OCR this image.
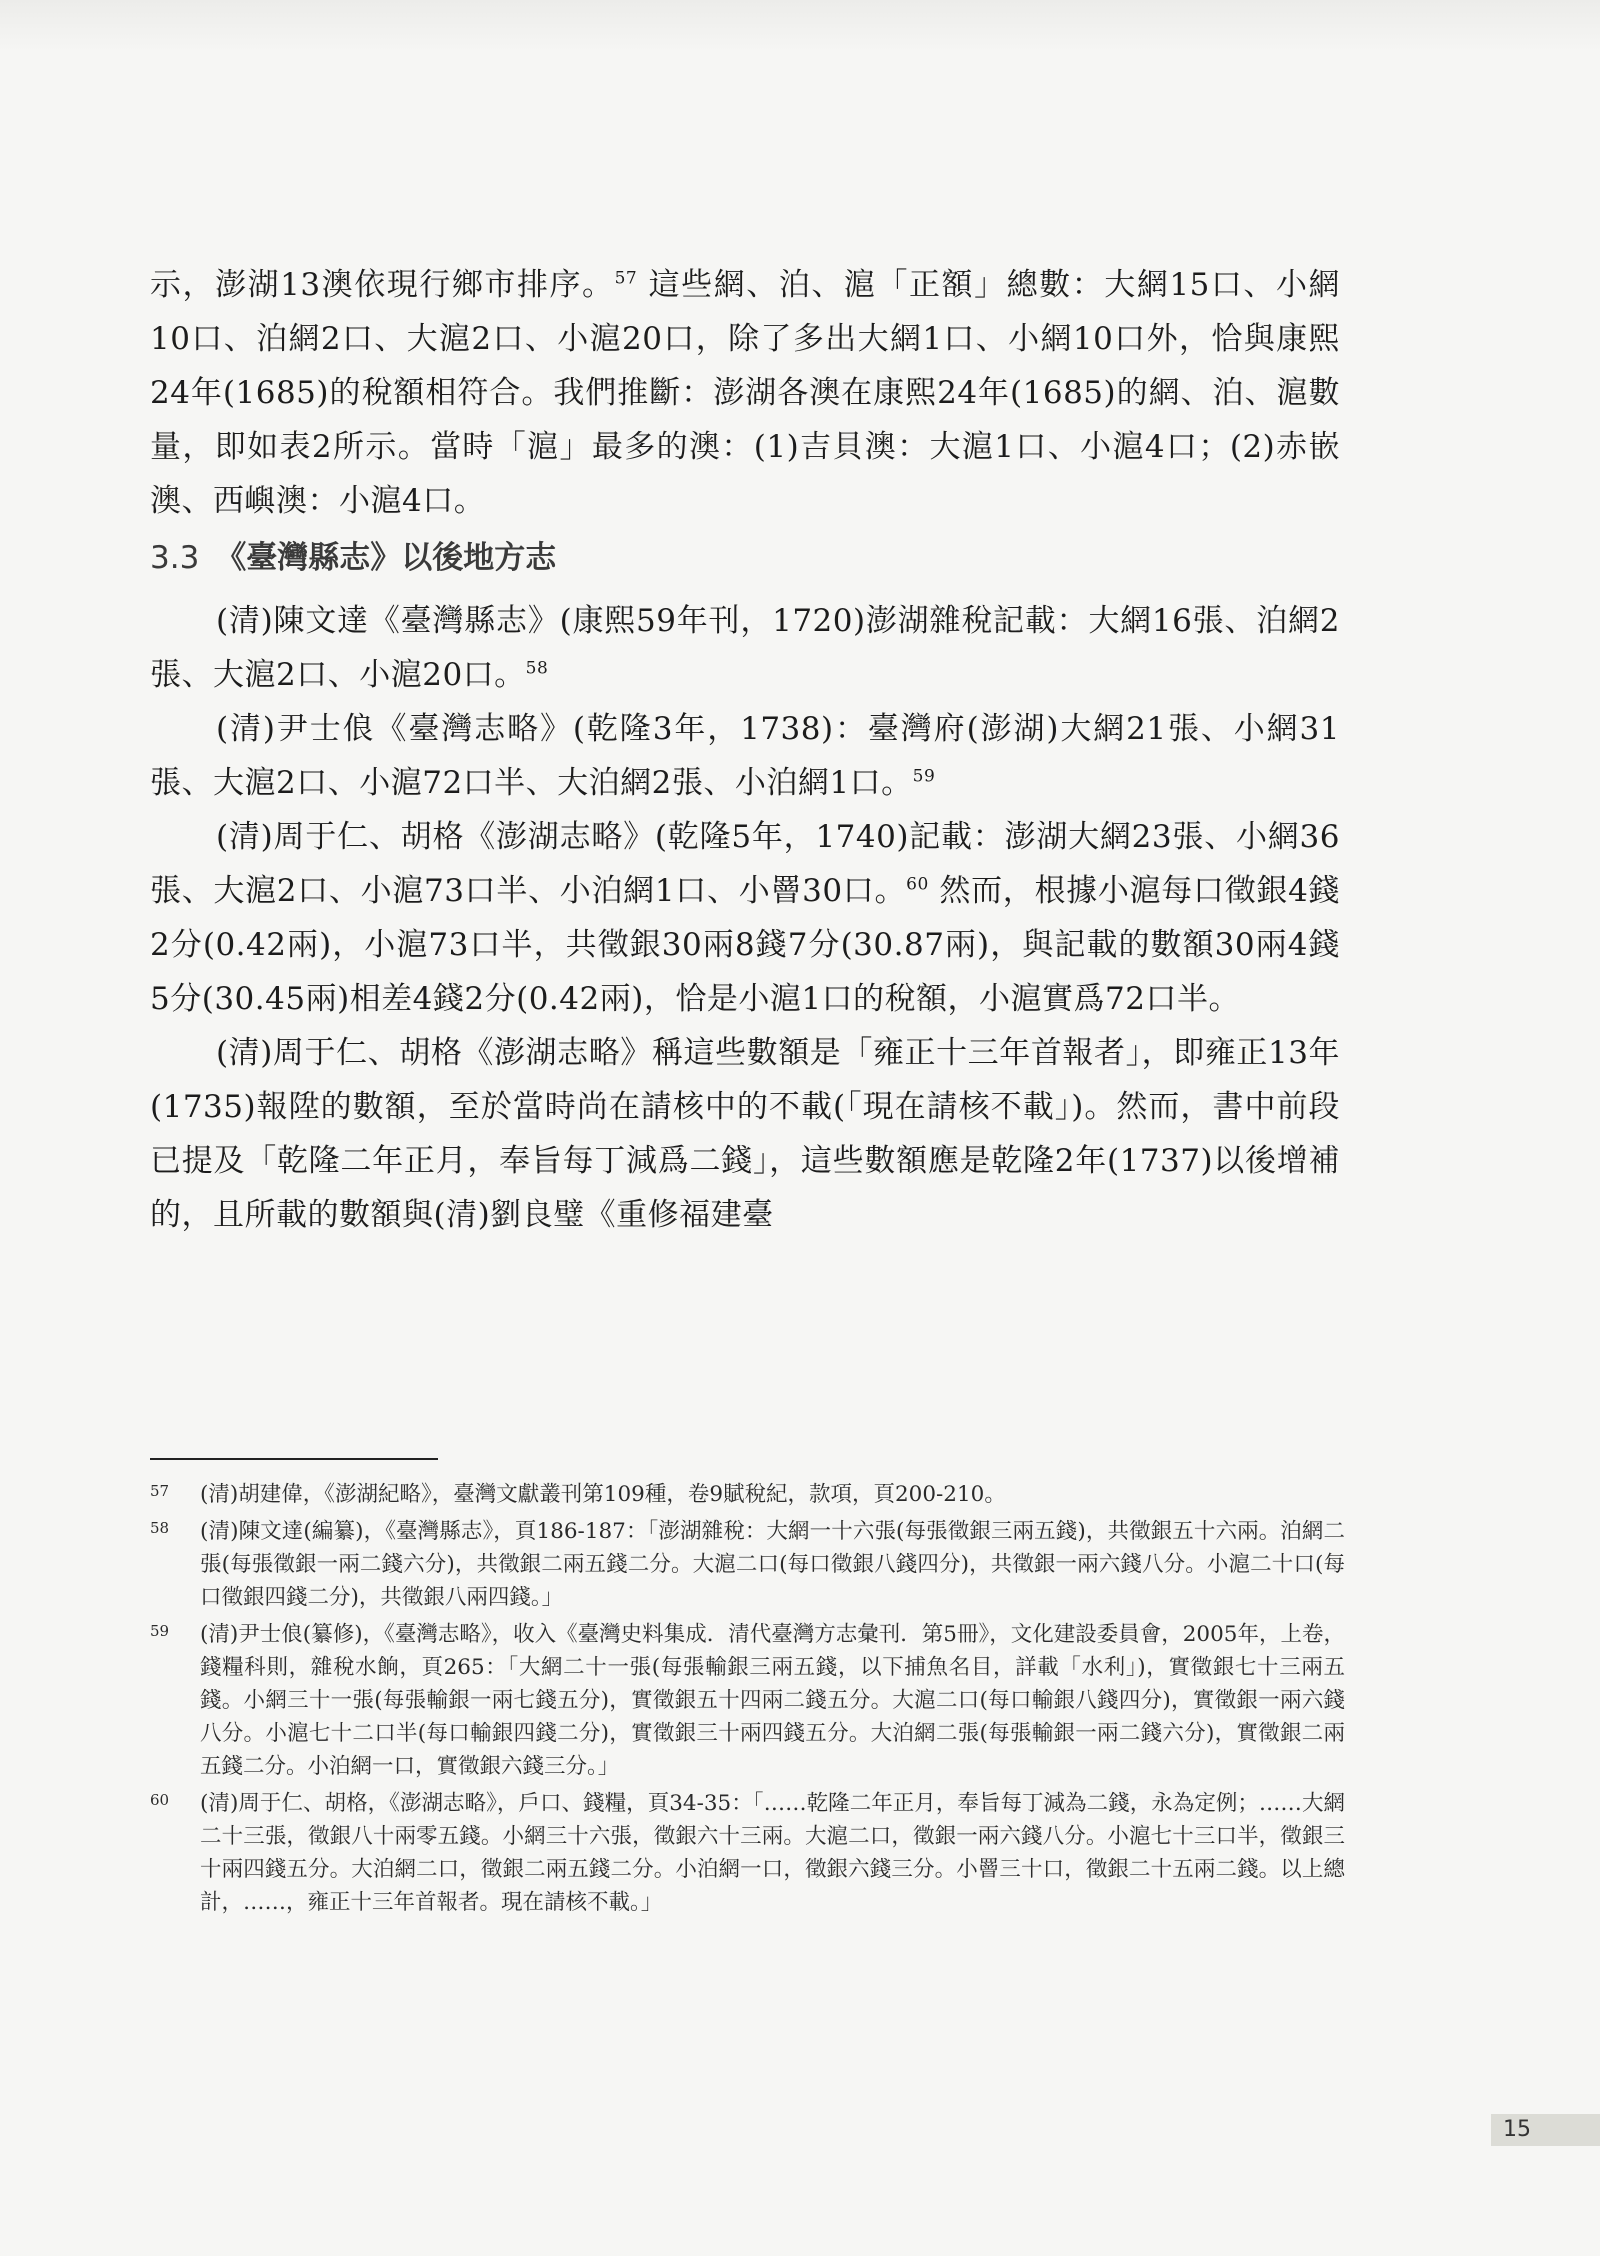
示，澎湖13澳依現行鄉市排序。$^{57}$ 這些網、泊、滬「正額」總數：大網15口、小網10口、泊網2口、大滬2口、小滬20口，除了多出大網1口、小網10口外，恰與康熙24年(1685)的稅額相符合。我們推斷：澎湖各澳在康熙24年(1685)的網、泊、滬數量，即如表2所示。當時「滬」最多的澳：(1)吉貝澳：大滬1口、小滬4口；(2)赤嵌澳、西嶼澳：小滬4口。

3.3 《臺灣縣志》以後地方志

(清)陳文達《臺灣縣志》(康熙59年刊，1720)澎湖雜稅記載：大網16張、泊網2張、大滬2口、小滬20口。$^{58}$

(清)尹士俍《臺灣志略》(乾隆3年，1738)：臺灣府(澎湖)大網21張、小網31張、大滬2口、小滬72口半、大泊網2張、小泊網1口。$^{59}$

(清)周于仁、胡格《澎湖志略》(乾隆5年，1740)記載：澎湖大網23張、小網36張、大滬2口、小滬73口半、小泊網1口、小罾30口。$^{60}$ 然而，根據小滬每口徵銀4錢2分(0.42兩)，小滬73口半，共徵銀30兩8錢7分(30.87兩)，與記載的數額30兩4錢5分(30.45兩)相差4錢2分(0.42兩)，恰是小滬1口的稅額，小滬實爲72口半。

(清)周于仁、胡格《澎湖志略》稱這些數額是「雍正十三年首報者」，即雍正13年(1735)報陞的數額，至於當時尚在請核中的不載(「現在請核不載」)。然而，書中前段已提及「乾隆二年正月，奉旨每丁減爲二錢」，這些數額應是乾隆2年(1737)以後增補的，且所載的數額與(清)劉良璧《重修福建臺

57	(清)胡建偉，《澎湖紀略》，臺灣文獻叢刊第109種，卷9賦稅紀，款項，頁200-210。
58	(清)陳文達(編纂)，《臺灣縣志》，頁186-187：「澎湖雜稅：大網一十六張(每張徵銀三兩五錢)，共徵銀五十六兩。泊網二張(每張徵銀一兩二錢六分)，共徵銀二兩五錢二分。大滬二口(每口徵銀八錢四分)，共徵銀一兩六錢八分。小滬二十口(每口徵銀四錢二分)，共徵銀八兩四錢。」
59	(清)尹士俍(纂修)，《臺灣志略》，收入《臺灣史料集成．清代臺灣方志彙刊．第5冊》，文化建設委員會，2005年，上卷，錢糧科則，雜稅水餉，頁265：「大網二十一張(每張輸銀三兩五錢，以下捕魚名目，詳載「水利」)，實徵銀七十三兩五錢。小網三十一張(每張輸銀一兩七錢五分)，實徵銀五十四兩二錢五分。大滬二口(每口輸銀八錢四分)，實徵銀一兩六錢八分。小滬七十二口半(每口輸銀四錢二分)，實徵銀三十兩四錢五分。大泊網二張(每張輸銀一兩二錢六分)，實徵銀二兩五錢二分。小泊網一口，實徵銀六錢三分。」
60	(清)周于仁、胡格，《澎湖志略》，戶口、錢糧，頁34-35：「……乾隆二年正月，奉旨每丁減為二錢，永為定例；……大網二十三張，徵銀八十兩零五錢。小網三十六張，徵銀六十三兩。大滬二口，徵銀一兩六錢八分。小滬七十三口半，徵銀三十兩四錢五分。大泊網二口，徵銀二兩五錢二分。小泊網一口，徵銀六錢三分。小罾三十口，徵銀二十五兩二錢。以上總計，……，雍正十三年首報者。現在請核不載。」
15
